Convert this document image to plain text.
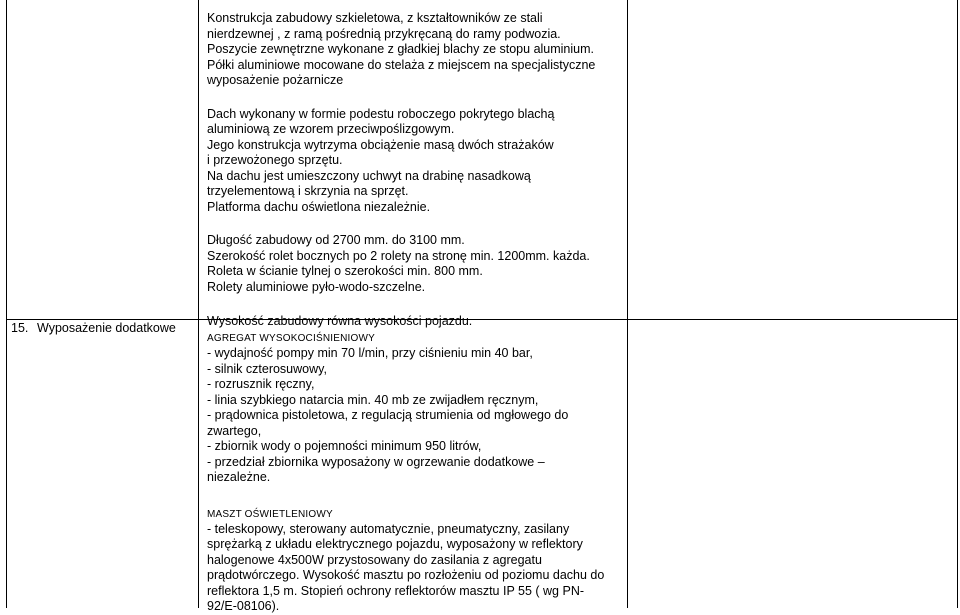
Konstrukcja zabudowy szkieletowa, z kształtowników ze stali
nierdzewnej , z ramą pośrednią przykręcaną do ramy podwozia.
Poszycie zewnętrzne wykonane z gładkiej blachy ze stopu aluminium.
Półki aluminiowe mocowane do stelaża z miejscem na specjalistyczne
wyposażenie pożarnicze

Dach wykonany w formie podestu roboczego pokrytego blachą
aluminiową ze wzorem przeciwpoślizgowym.
Jego konstrukcja wytrzyma obciążenie masą dwóch strażaków
i przewożonego sprzętu.
Na dachu jest umieszczony uchwyt na drabinę nasadkową
trzyelementową i skrzynia na sprzęt.
Platforma dachu oświetlona niezależnie.

Długość zabudowy od 2700 mm. do 3100 mm.
Szerokość rolet bocznych po 2 rolety na stronę min. 1200mm. każda.
Roleta w ścianie tylnej o szerokości min. 800 mm.
Rolety aluminiowe pyło-wodo-szczelne.

Wysokość zabudowy równa wysokości pojazdu.

15. Wyposażenie dodatkowe
AGREGAT WYSOKOCIŚNIENIOWY

- wydajność pompy min 70 l/min, przy ciśnieniu min 40 bar,
- silnik czterosuwowy,
- rozrusznik ręczny,
- linia szybkiego natarcia min. 40 mb ze zwijadłem ręcznym,
- prądownica pistoletowa, z regulacją strumienia od mgłowego do
zwartego,
- zbiornik wody o pojemności minimum 950 litrów,
- przedział zbiornika wyposażony w ogrzewanie dodatkowe –
niezależne.

MASZT OŚWIETLENIOWY

- teleskopowy, sterowany automatycznie, pneumatyczny, zasilany
sprężarką z układu elektrycznego pojazdu, wyposażony w reflektory
halogenowe 4x500W przystosowany do zasilania z agregatu
prądotwórczego. Wysokość masztu po rozłożeniu od poziomu dachu do
reflektora 1,5 m. Stopień ochrony reflektorów masztu IP 55 ( wg PN-
92/E-08106).
